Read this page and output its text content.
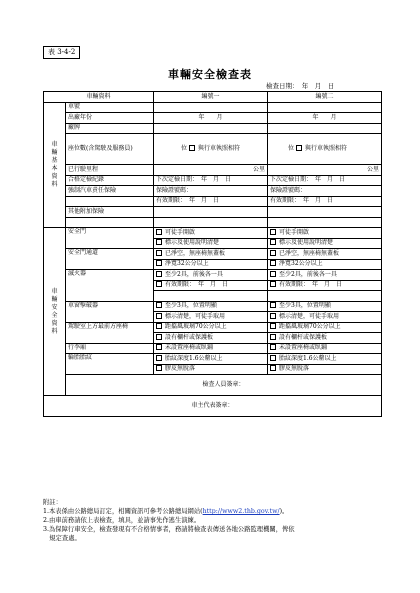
表 3-4-2
車輛安全檢查表
檢查日期：　年　月　日
車輛資料		編號一	編號二

車輛基本資料	車號		
	出廠年份	年　　月	年　　月
	廠牌		
	座位數(含駕駛及服務員)	位 與行車執照相符	位 與行車執照相符
	已行駛里程	公里	公里
	合格定檢紀錄	下次定檢日期：　年　月　日	下次定檢日期：　年　月　日
	強制汽車責任保險	保險證號碼：	保險證號碼：
		有效期限：　年　月　日	有效期限：　年　月　日
	其他附加保險		

車輛安全資料	安全門	可徒手開啟	可徒手開啟
		標示及使用說明清楚	標示及使用說明清楚
	安全門通道	已淨空，無座椅無蓋板	已淨空，無座椅無蓋板
		淨寬32公分以上	淨寬32公分以上
	滅火器	至少2具，前後各一具	至少2具，前後各一具
		有效期限：　年　月　日	有效期限：　年　月　日

	車窗擊破器	至少3具，位置明顯	至少3具，位置明顯
		標示清楚，可徒手取用	標示清楚，可徒手取用
	駕駛室上方最前方座椅	距擋風玻璃70公分以上	距擋風玻璃70公分以上
		設有欄杆或保護板	設有欄杆或保護板
	行李廂	未設置座椅或臥鋪	未設置座椅或臥鋪
	輪胎胎紋	胎紋深度1.6公釐以上	胎紋深度1.6公釐以上
		膠皮無脫落	膠皮無脫落
	檢查人員簽章：		
車主代表簽章：			
附註：
1.本表係由公路總局訂定，相關資訊可參考公路總局網站(http://www2.thb.gov.tw/)。
2.由車前務請依上表檢查，填具，並請事先作逃生演練。
3.為保障行車安全，檢查發現有不合格情事者，務請將檢查表傳送各地公路監理機關，俾依
　規定查處。
